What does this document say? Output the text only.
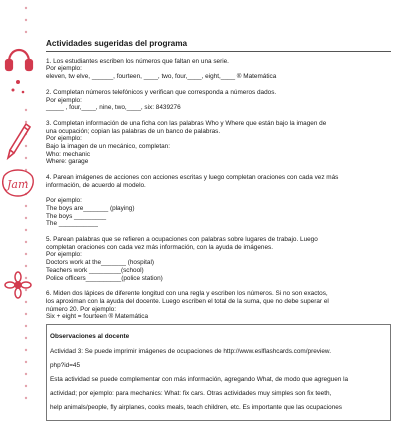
Jam
Actividades sugeridas del programa

1. Los estudiantes escriben los números que faltan en una serie.

Por ejemplo:

eleven, tw elve, ______, fourteen, ____, two, four,____, eight,____ ® Matemática

2. Completan números telefónicos y verifican que corresponda a números dados.

Por ejemplo:

_____ , four,____, nine, two,____, six: 8439276

3. Completan información de una ficha con las palabras Who y Where que están bajo la imagen de

una ocupación; copian las palabras de un banco de palabras.

Por ejemplo:

Bajo la imagen de un mecánico, completan:

Who: mechanic

Where: garage

4. Parean imágenes de acciones con acciones escritas y luego completan oraciones con cada vez más

información, de acuerdo al modelo.

Por ejemplo:

The boys are_______ (playing)

The boys _________

The ___________

5. Parean palabras que se refieren a ocupaciones con palabras sobre lugares de trabajo. Luego

completan oraciones con cada vez más información, con la ayuda de imágenes.

Por ejemplo:

Doctors work at the_______ (hospital)

Teachers work _________(school)

Police officers__________(police station)

6. Miden dos lápices de diferente longitud con una regla y escriben los números. Si no son exactos,

los aproximan con la ayuda del docente. Luego escriben el total de la suma, que no debe superar el

número 20. Por ejemplo:

Six + eight = fourteen ® Matemática

Observaciones al docente

Actividad 3: Se puede imprimir imágenes de ocupaciones de http://www.eslflashcards.com/preview.

php?id=45

Esta actividad se puede complementar con más información, agregando What, de modo que agreguen la

actividad; por ejemplo: para mechanics: What: fix cars. Otras actividades muy simples son fix teeth,

help animals/people, fly airplanes, cooks meals, teach children, etc. Es importante que las ocupaciones
